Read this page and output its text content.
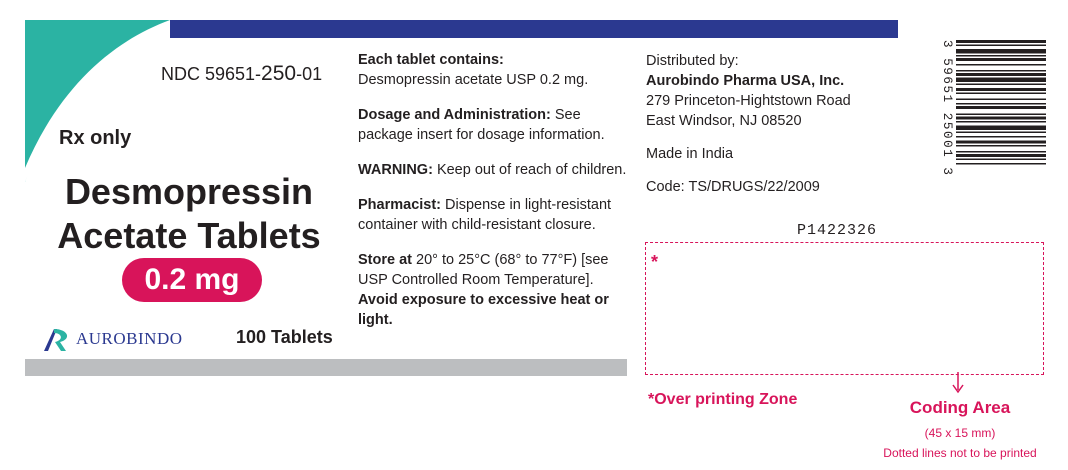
NDC 59651-250-01
Rx only
Desmopressin
Acetate Tablets
0.2 mg
AUROBINDO	100 Tablets

Each tablet contains:
Desmopressin acetate USP 0.2 mg.

Dosage and Administration: See package insert for dosage information.

WARNING: Keep out of reach of children.

Pharmacist: Dispense in light-resistant container with child-resistant closure.

Store at 20° to 25°C (68° to 77°F) [see USP Controlled Room Temperature].
Avoid exposure to excessive heat or light.

Distributed by:
Aurobindo Pharma USA, Inc.
279 Princeton-Hightstown Road
East Windsor, NJ 08520

Made in India

Code: TS/DRUGS/22/2009

P1422326
*
*Over printing Zone	Coding Area
(45 x 15 mm)
Dotted lines not to be printed
3 59651 25001 3
